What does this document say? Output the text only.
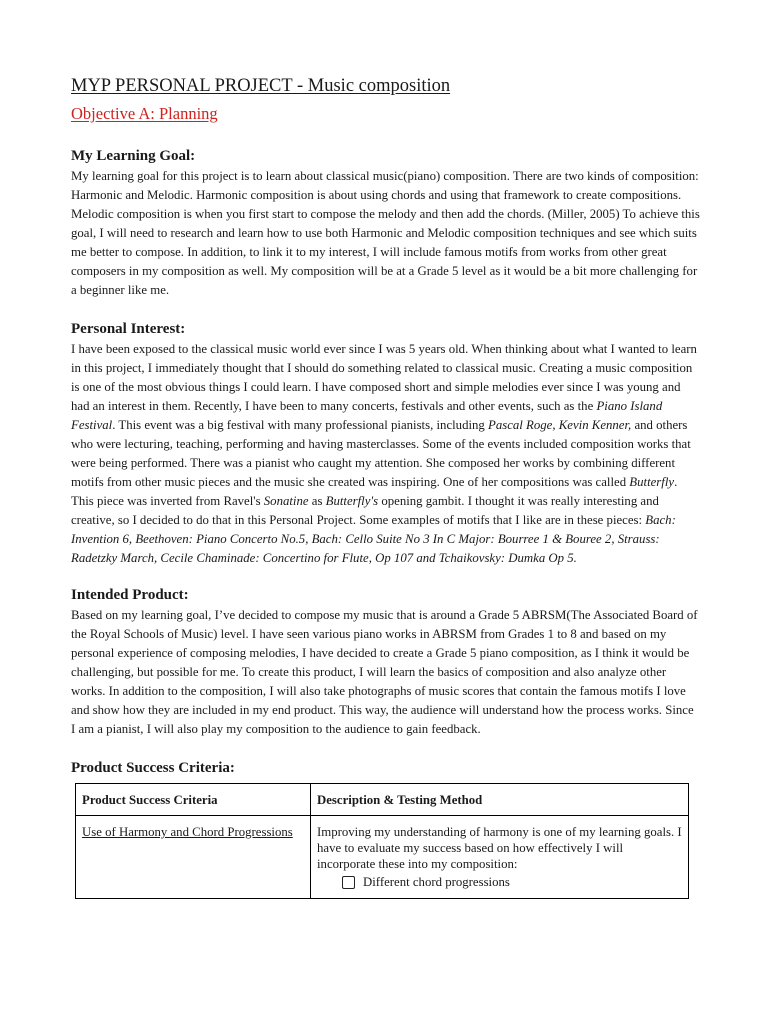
MYP PERSONAL PROJECT - Music composition
Objective A: Planning
My Learning Goal:

My learning goal for this project is to learn about classical music(piano) composition. There are two kinds of composition: Harmonic and Melodic. Harmonic composition is about using chords and using that framework to create compositions. Melodic composition is when you first start to compose the melody and then add the chords. (Miller, 2005) To achieve this goal, I will need to research and learn how to use both Harmonic and Melodic composition techniques and see which suits me better to compose. In addition, to link it to my interest, I will include famous motifs from works from other great composers in my composition as well. My composition will be at a Grade 5 level as it would be a bit more challenging for a beginner like me.

Personal Interest:

I have been exposed to the classical music world ever since I was 5 years old. When thinking about what I wanted to learn in this project, I immediately thought that I should do something related to classical music. Creating a music composition is one of the most obvious things I could learn. I have composed short and simple melodies ever since I was young and had an interest in them. Recently, I have been to many concerts, festivals and other events, such as the Piano Island Festival. This event was a big festival with many professional pianists, including Pascal Roge, Kevin Kenner, and others who were lecturing, teaching, performing and having masterclasses. Some of the events included composition works that were being performed. There was a pianist who caught my attention. She composed her works by combining different motifs from other music pieces and the music she created was inspiring. One of her compositions was called Butterfly. This piece was inverted from Ravel's Sonatine as Butterfly's opening gambit. I thought it was really interesting and creative, so I decided to do that in this Personal Project. Some examples of motifs that I like are in these pieces: Bach: Invention 6, Beethoven: Piano Concerto No.5, Bach: Cello Suite No 3 In C Major: Bourree 1 & Bouree 2, Strauss: Radetzky March, Cecile Chaminade: Concertino for Flute, Op 107 and Tchaikovsky: Dumka Op 5.

Intended Product:

Based on my learning goal, I’ve decided to compose my music that is around a Grade 5 ABRSM(The Associated Board of the Royal Schools of Music) level. I have seen various piano works in ABRSM from Grades 1 to 8 and based on my personal experience of composing melodies, I have decided to create a Grade 5 piano composition, as I think it would be challenging, but possible for me. To create this product, I will learn the basics of composition and also analyze other works. In addition to the composition, I will also take photographs of music scores that contain the famous motifs I love and show how they are included in my end product. This way, the audience will understand how the process works. Since I am a pianist, I will also play my composition to the audience to gain feedback.

Product Success Criteria:
Product Success Criteria	Description & Testing Method
Use of Harmony and Chord Progressions	Improving my understanding of harmony is one of my learning goals. I have to evaluate my success based on how effectively I will incorporate these into my composition:
Different chord progressions
